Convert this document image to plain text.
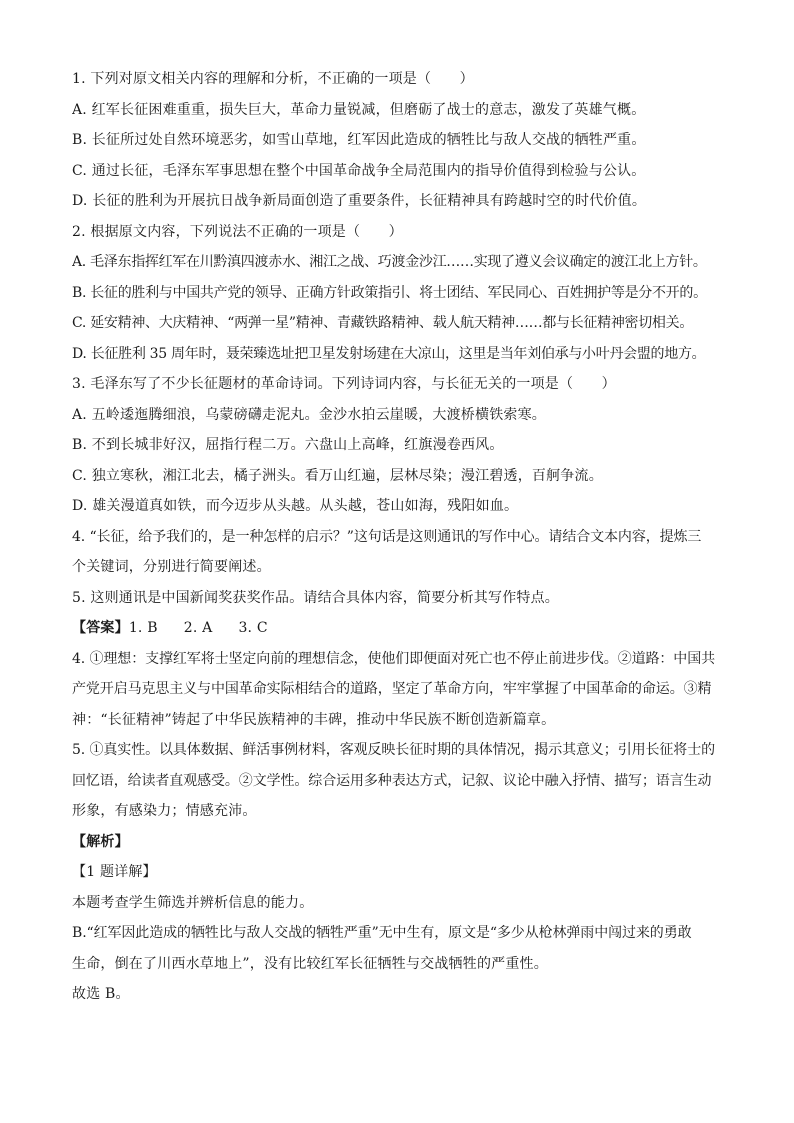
1. 下列对原文相关内容的理解和分析，不正确的一项是（　　）
A. 红军长征困难重重，损失巨大，革命力量锐减，但磨砺了战士的意志，激发了英雄气概。
B. 长征所过处自然环境恶劣，如雪山草地，红军因此造成的牺牲比与敌人交战的牺牲严重。
C. 通过长征，毛泽东军事思想在整个中国革命战争全局范围内的指导价值得到检验与公认。
D. 长征的胜利为开展抗日战争新局面创造了重要条件，长征精神具有跨越时空的时代价值。
2. 根据原文内容，下列说法不正确的一项是（　　）
A. 毛泽东指挥红军在川黔滇四渡赤水、湘江之战、巧渡金沙江……实现了遵义会议确定的渡江北上方针。
B. 长征的胜利与中国共产党的领导、正确方针政策指引、将士团结、军民同心、百姓拥护等是分不开的。
C. 延安精神、大庆精神、“两弹一星”精神、青藏铁路精神、载人航天精神……都与长征精神密切相关。
D. 长征胜利 35 周年时，聂荣臻选址把卫星发射场建在大凉山，这里是当年刘伯承与小叶丹会盟的地方。
3. 毛泽东写了不少长征题材的革命诗词。下列诗词内容，与长征无关的一项是（　　）
A. 五岭逶迤腾细浪，乌蒙磅礴走泥丸。金沙水拍云崖暖，大渡桥横铁索寒。
B. 不到长城非好汉，屈指行程二万。六盘山上高峰，红旗漫卷西风。
C. 独立寒秋，湘江北去，橘子洲头。看万山红遍，层林尽染；漫江碧透，百舸争流。
D. 雄关漫道真如铁，而今迈步从头越。从头越，苍山如海，残阳如血。
4. “长征，给予我们的，是一种怎样的启示？”这句话是这则通讯的写作中心。请结合文本内容，提炼三
个关键词，分别进行简要阐述。
5. 这则通讯是中国新闻奖获奖作品。请结合具体内容，简要分析其写作特点。
【答案】1. B 2. A 3. C
4. ①理想：支撑红军将士坚定向前的理想信念，使他们即便面对死亡也不停止前进步伐。②道路：中国共
产党开启马克思主义与中国革命实际相结合的道路，坚定了革命方向，牢牢掌握了中国革命的命运。③精
神：“长征精神”铸起了中华民族精神的丰碑，推动中华民族不断创造新篇章。
5. ①真实性。以具体数据、鲜活事例材料，客观反映长征时期的具体情况，揭示其意义；引用长征将士的
回忆语，给读者直观感受。②文学性。综合运用多种表达方式，记叙、议论中融入抒情、描写；语言生动
形象，有感染力；情感充沛。
【解析】
【1 题详解】
本题考查学生筛选并辨析信息的能力。
B.“红军因此造成的牺牲比与敌人交战的牺牲严重”无中生有，原文是“多少从枪林弹雨中闯过来的勇敢
生命，倒在了川西水草地上”，没有比较红军长征牺牲与交战牺牲的严重性。
故选 B。
